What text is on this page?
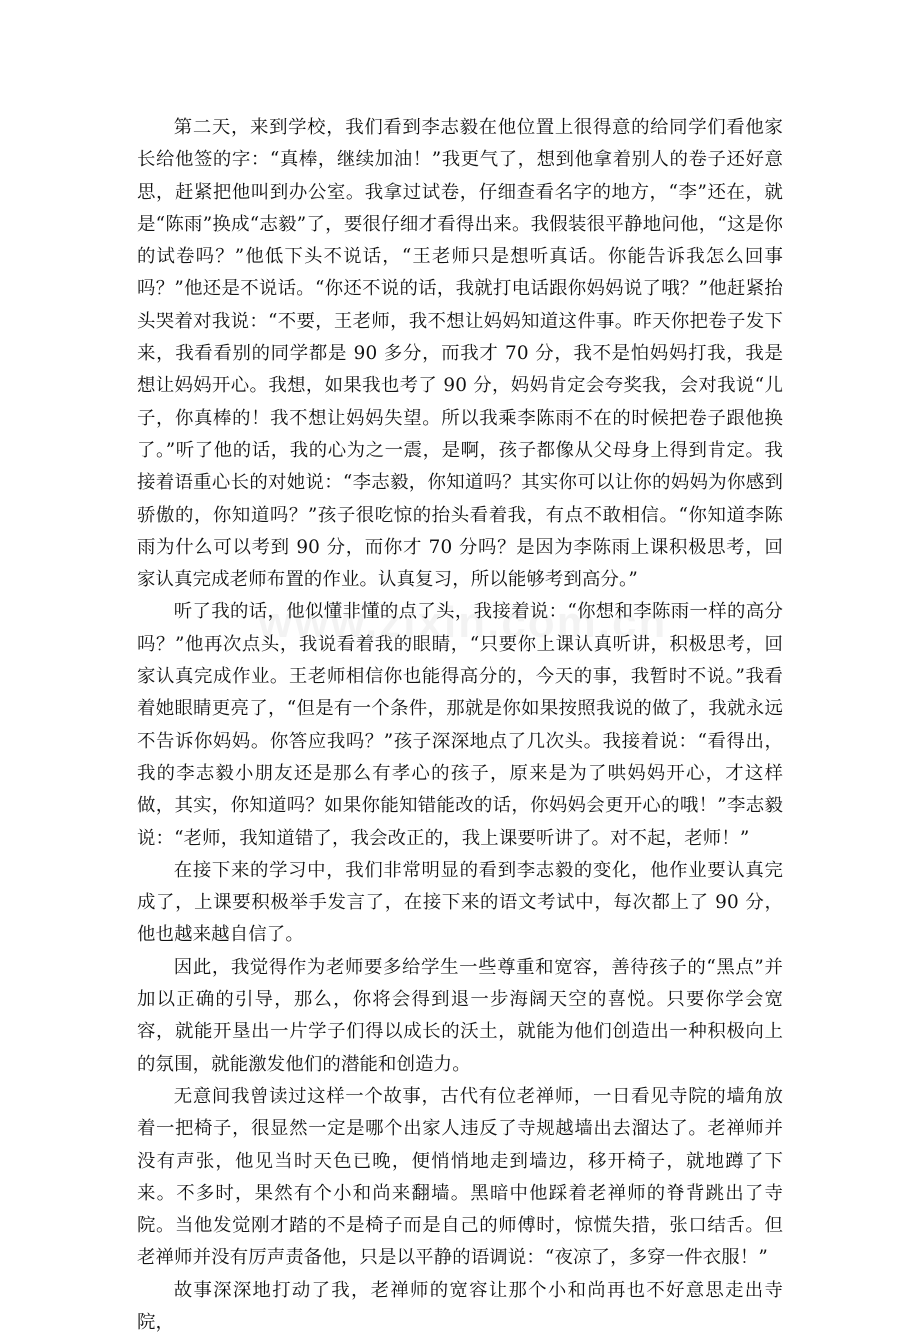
第二天，来到学校，我们看到李志毅在他位置上很得意的给同学们看他家长给他签的字：“真棒，继续加油！”我更气了，想到他拿着别人的卷子还好意思，赶紧把他叫到办公室。我拿过试卷，仔细查看名字的地方，“李”还在，就是“陈雨”换成“志毅”了，要很仔细才看得出来。我假装很平静地问他，“这是你的试卷吗？”他低下头不说话，“王老师只是想听真话。你能告诉我怎么回事吗？”他还是不说话。“你还不说的话，我就打电话跟你妈妈说了哦？”他赶紧抬头哭着对我说：“不要，王老师，我不想让妈妈知道这件事。昨天你把卷子发下来，我看看别的同学都是 90 多分，而我才 70 分，我不是怕妈妈打我，我是想让妈妈开心。我想，如果我也考了 90 分，妈妈肯定会夸奖我，会对我说“儿子，你真棒的！我不想让妈妈失望。所以我乘李陈雨不在的时候把卷子跟他换了。”听了他的话，我的心为之一震，是啊，孩子都像从父母身上得到肯定。我接着语重心长的对她说：“李志毅，你知道吗？其实你可以让你的妈妈为你感到骄傲的，你知道吗？”孩子很吃惊的抬头看着我，有点不敢相信。“你知道李陈雨为什么可以考到 90 分，而你才 70 分吗？是因为李陈雨上课积极思考，回家认真完成老师布置的作业。认真复习，所以能够考到高分。”

听了我的话，他似懂非懂的点了头，我接着说：“你想和李陈雨一样的高分吗？”他再次点头，我说看着我的眼睛，“只要你上课认真听讲，积极思考，回家认真完成作业。王老师相信你也能得高分的，今天的事，我暂时不说。”我看着她眼睛更亮了，“但是有一个条件，那就是你如果按照我说的做了，我就永远不告诉你妈妈。你答应我吗？”孩子深深地点了几次头。我接着说：“看得出，我的李志毅小朋友还是那么有孝心的孩子，原来是为了哄妈妈开心，才这样做，其实，你知道吗？如果你能知错能改的话，你妈妈会更开心的哦！”李志毅说：“老师，我知道错了，我会改正的，我上课要听讲了。对不起，老师！”

在接下来的学习中，我们非常明显的看到李志毅的变化，他作业要认真完成了，上课要积极举手发言了，在接下来的语文考试中，每次都上了 90 分，他也越来越自信了。

因此，我觉得作为老师要多给学生一些尊重和宽容，善待孩子的“黑点”并加以正确的引导，那么，你将会得到退一步海阔天空的喜悦。只要你学会宽容，就能开垦出一片学子们得以成长的沃土，就能为他们创造出一种积极向上的氛围，就能激发他们的潜能和创造力。

无意间我曾读过这样一个故事，古代有位老禅师，一日看见寺院的墙角放着一把椅子，很显然一定是哪个出家人违反了寺规越墙出去溜达了。老禅师并没有声张，他见当时天色已晚，便悄悄地走到墙边，移开椅子，就地蹲了下来。不多时，果然有个小和尚来翻墙。黑暗中他踩着老禅师的脊背跳出了寺院。当他发觉刚才踏的不是椅子而是自己的师傅时，惊慌失措，张口结舌。但老禅师并没有厉声责备他，只是以平静的语调说：“夜凉了，多穿一件衣服！”

故事深深地打动了我，老禅师的宽容让那个小和尚再也不好意思走出寺院，
